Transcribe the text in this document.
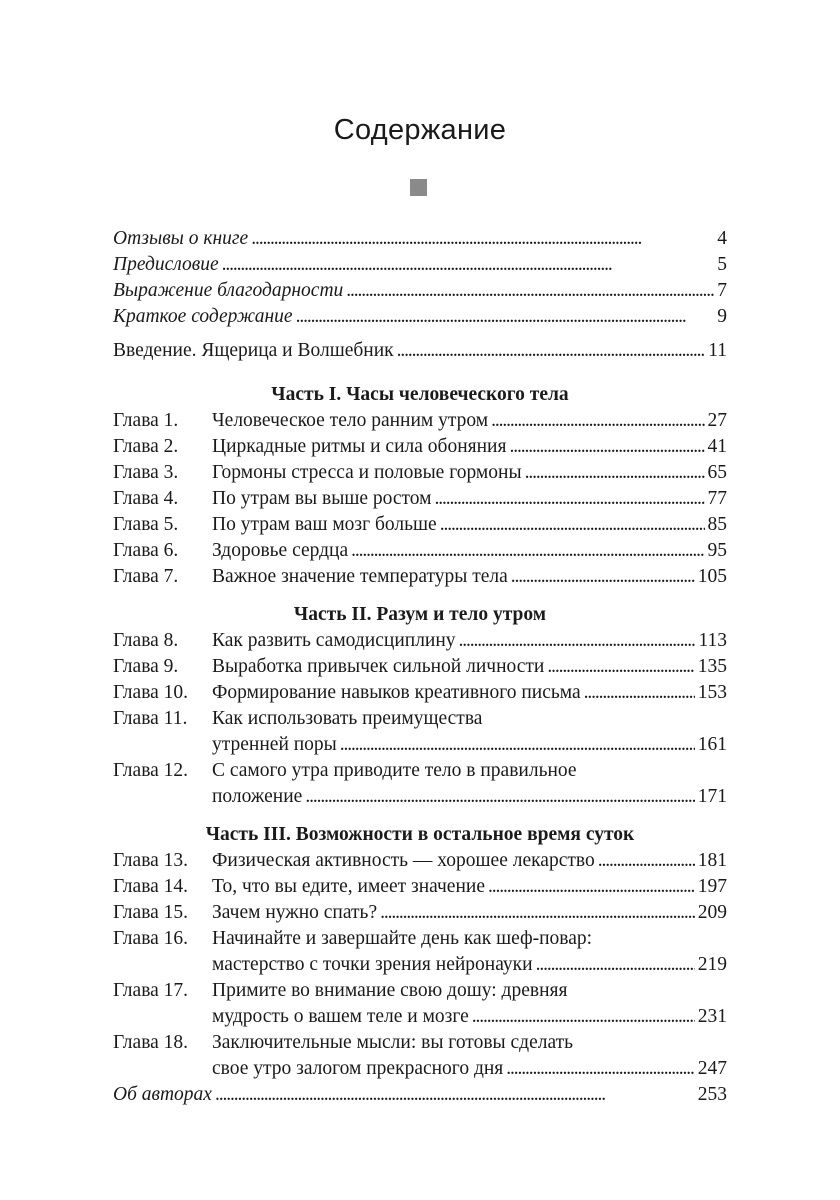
Содержание
Отзывы о книге . . .	4
Предисловие . . .	5
Выражение благодарности . . .	7
Краткое содержание . . .	9
Введение. Ящерица и Волшебник . . .	11
Часть I. Часы человеческого тела
Глава 1.	Человеческое тело ранним утром . . .	27
Глава 2.	Циркадные ритмы и сила обоняния . . .	41
Глава 3.	Гормоны стресса и половые гормоны . . .	65
Глава 4.	По утрам вы выше ростом . . .	77
Глава 5.	По утрам ваш мозг больше . . .	85
Глава 6.	Здоровье сердца . . .	95
Глава 7.	Важное значение температуры тела . . .	105
Часть II. Разум и тело утром
Глава 8.	Как развить самодисциплину . . .	113
Глава 9.	Выработка привычек сильной личности . . .	135
Глава 10.	Формирование навыков креативного письма . . .	153
Глава 11.	Как использовать преимущества
утренней поры . . .	161
Глава 12.	С самого утра приводите тело в правильное
положение . . .	171
Часть III. Возможности в остальное время суток
Глава 13.	Физическая активность — хорошее лекарство . . .	181
Глава 14.	То, что вы едите, имеет значение . . .	197
Глава 15.	Зачем нужно спать? . . .	209
Глава 16.	Начинайте и завершайте день как шеф-повар:
мастерство с точки зрения нейронауки . . .	219
Глава 17.	Примите во внимание свою дошу: древняя
мудрость о вашем теле и мозге . . .	231
Глава 18.	Заключительные мысли: вы готовы сделать
свое утро залогом прекрасного дня . . .	247
Об авторах . . .	253
